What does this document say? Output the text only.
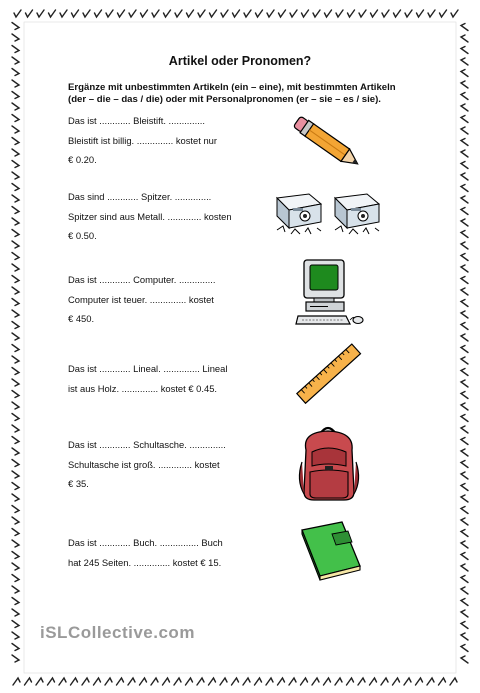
Artikel oder Pronomen?
Ergänze mit unbestimmten Artikeln (ein – eine), mit bestimmten Artikeln
(der – die – das / die) oder mit Personalpronomen (er – sie – es / sie).
Das ist ............ Bleistift. ..............
Bleistift ist billig. .............. kostet nur
€ 0.20.
Das sind ............ Spitzer. ..............
Spitzer sind aus Metall. ............. kosten
€ 0.50.
Das ist ............ Computer. ..............
Computer ist teuer. .............. kostet
€ 450.
Das ist ............ Lineal. .............. Lineal
ist aus Holz. .............. kostet € 0.45.
Das ist ............ Schultasche. ..............
Schultasche ist groß. ............. kostet
€ 35.
Das ist ............ Buch. ............... Buch
hat 245 Seiten. .............. kostet € 15.
iSLCollective.com
